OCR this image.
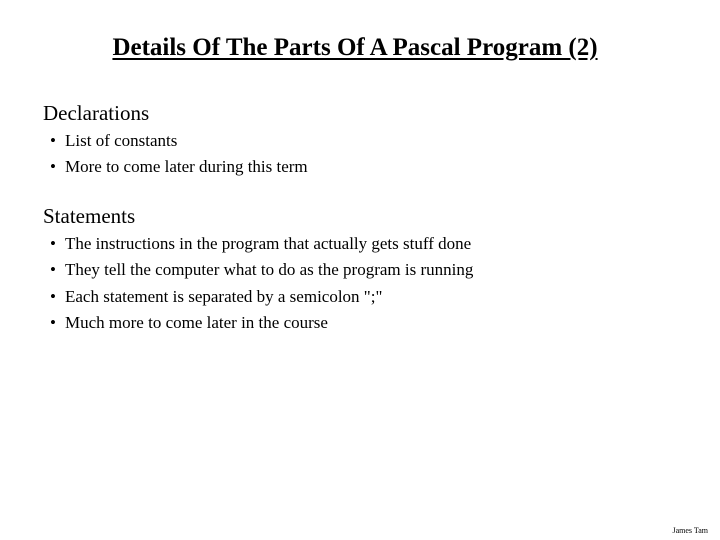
Details Of The Parts Of A Pascal Program (2)
Declarations
• List of constants
• More to come later during this term
Statements
• The instructions in the program that actually gets stuff done
• They tell the computer what to do as the program is running
• Each statement is separated by a semicolon ";"
• Much more to come later in the course
James Tam
